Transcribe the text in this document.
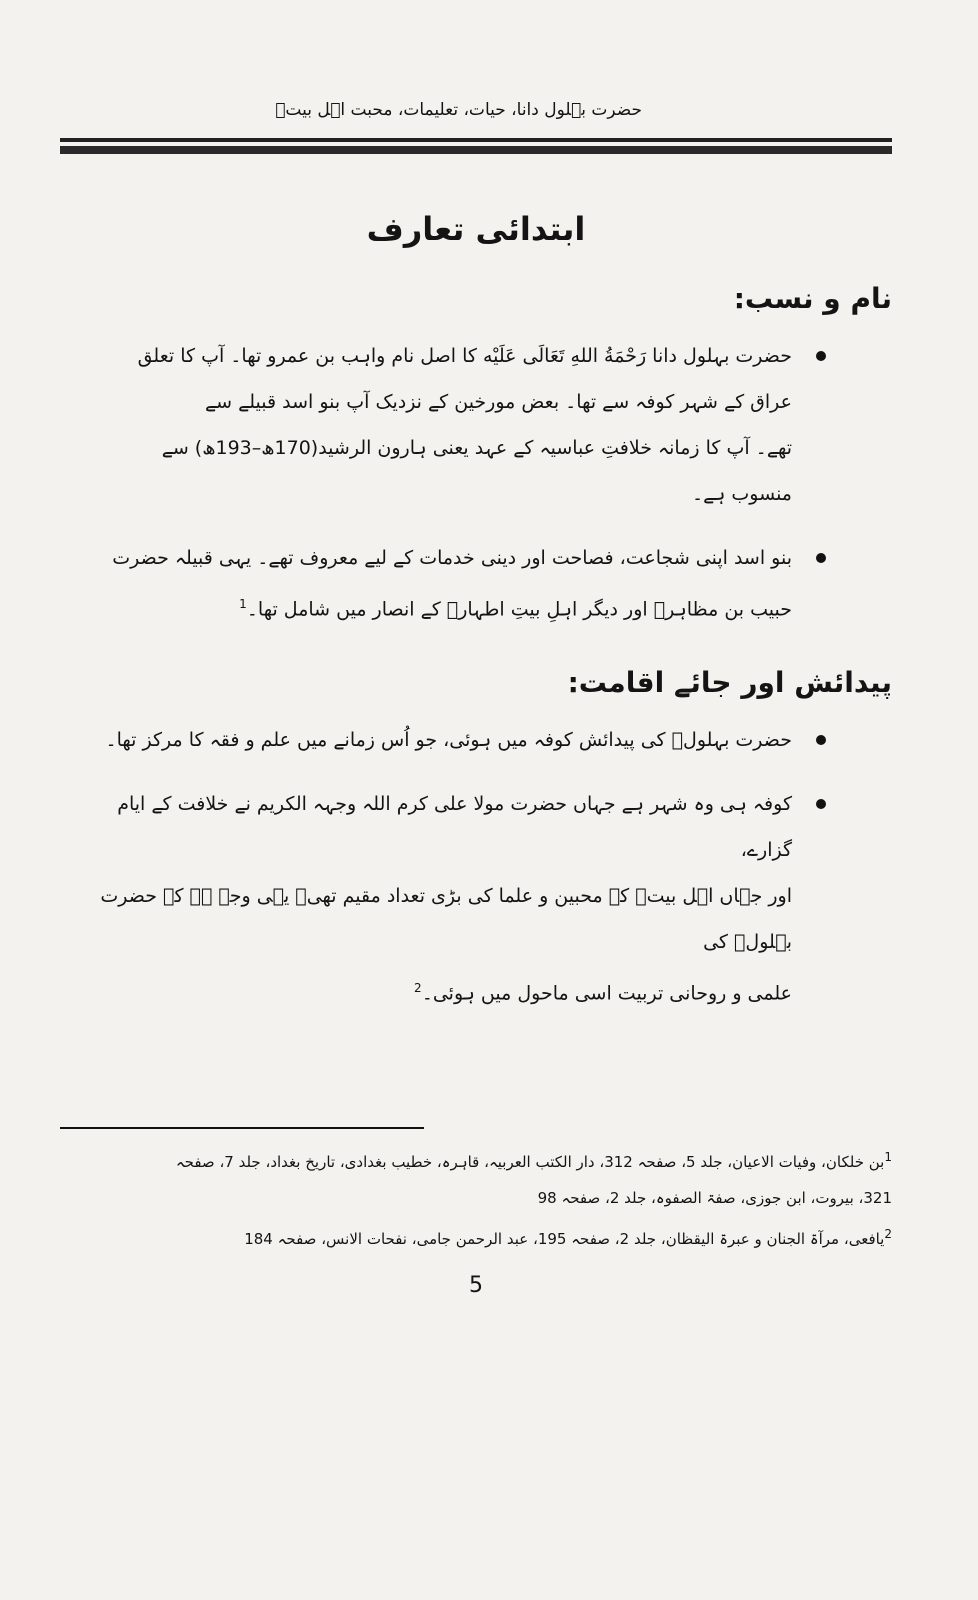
حضرت بہلول دانا، حیات، تعلیمات، محبت اہل بیتؑ
ابتدائی تعارف
نام و نسب:
حضرت بہلول دانا رَحْمَةُ اللهِ تَعَالَى عَلَيْه کا اصل نام واہب بن عمرو تھا۔ آپ کا تعلق
عراق کے شہر کوفہ سے تھا۔ بعض مورخین کے نزدیک آپ بنو اسد قبیلے سے
تھے۔ آپ کا زمانہ خلافتِ عباسیہ کے عہد یعنی ہارون الرشید(170ھ–193ھ) سے
منسوب ہے۔
بنو اسد اپنی شجاعت، فصاحت اور دینی خدمات کے لیے معروف تھے۔ یہی قبیلہ حضرت
حبیب بن مظاہرؓ اور دیگر اہلِ بیتِ اطہارؑ کے انصار میں شامل تھا۔$^1$
پیدائش اور جائے اقامت:
حضرت بہلولؒ کی پیدائش کوفہ میں ہوئی، جو اُس زمانے میں علم و فقہ کا مرکز تھا۔
کوفہ ہی وہ شہر ہے جہاں حضرت مولا علی کرم اللہ وجہہ الکریم نے خلافت کے ایام گزارے،
اور جہاں اہل بیتؑ کے محبین و علما کی بڑی تعداد مقیم تھی۔ یہی وجہ ہے کہ حضرت بہلولؒ کی
علمی و روحانی تربیت اسی ماحول میں ہوئی۔$^2$
$^1$بن خلکان، وفیات الاعیان، جلد 5، صفحہ 312، دار الکتب العربیہ، قاہرہ، خطیب بغدادی، تاریخ بغداد، جلد 7، صفحہ
321، بیروت، ابن جوزی، صفۃ الصفوہ، جلد 2، صفحہ 98
$^2$یافعی، مرآۃ الجنان و عبرۃ الیقظان، جلد 2، صفحہ 195، عبد الرحمن جامی، نفحات الانس، صفحہ 184
5
